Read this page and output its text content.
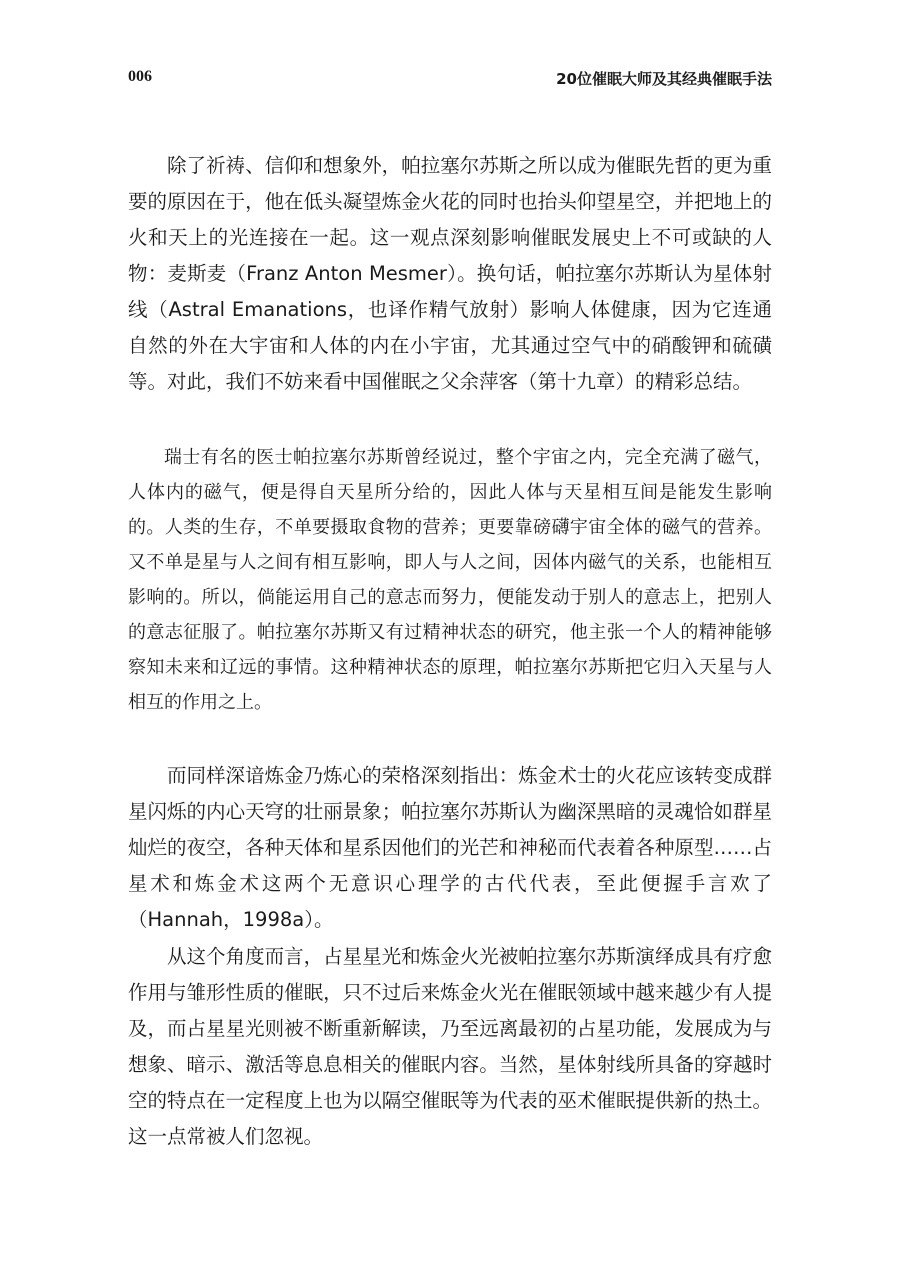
006	20位催眠大师及其经典催眠手法

除了祈祷、信仰和想象外，帕拉塞尔苏斯之所以成为催眠先哲的更为重要的原因在于，他在低头凝望炼金火花的同时也抬头仰望星空，并把地上的火和天上的光连接在一起。这一观点深刻影响催眠发展史上不可或缺的人物：麦斯麦（Franz Anton Mesmer）。换句话，帕拉塞尔苏斯认为星体射线（Astral Emanations，也译作精气放射）影响人体健康，因为它连通自然的外在大宇宙和人体的内在小宇宙，尤其通过空气中的硝酸钾和硫磺等。对此，我们不妨来看中国催眠之父余萍客（第十九章）的精彩总结。

瑞士有名的医士帕拉塞尔苏斯曾经说过，整个宇宙之内，完全充满了磁气，人体内的磁气，便是得自天星所分给的，因此人体与天星相互间是能发生影响的。人类的生存，不单要摄取食物的营养；更要靠磅礴宇宙全体的磁气的营养。又不单是星与人之间有相互影响，即人与人之间，因体内磁气的关系，也能相互影响的。所以，倘能运用自己的意志而努力，便能发动于别人的意志上，把别人的意志征服了。帕拉塞尔苏斯又有过精神状态的研究，他主张一个人的精神能够察知未来和辽远的事情。这种精神状态的原理，帕拉塞尔苏斯把它归入天星与人相互的作用之上。

而同样深谙炼金乃炼心的荣格深刻指出：炼金术士的火花应该转变成群星闪烁的内心天穹的壮丽景象；帕拉塞尔苏斯认为幽深黑暗的灵魂恰如群星灿烂的夜空，各种天体和星系因他们的光芒和神秘而代表着各种原型……占星术和炼金术这两个无意识心理学的古代代表，至此便握手言欢了（Hannah，1998a）。

从这个角度而言，占星星光和炼金火光被帕拉塞尔苏斯演绎成具有疗愈作用与雏形性质的催眠，只不过后来炼金火光在催眠领域中越来越少有人提及，而占星星光则被不断重新解读，乃至远离最初的占星功能，发展成为与想象、暗示、激活等息息相关的催眠内容。当然，星体射线所具备的穿越时空的特点在一定程度上也为以隔空催眠等为代表的巫术催眠提供新的热土。这一点常被人们忽视。
